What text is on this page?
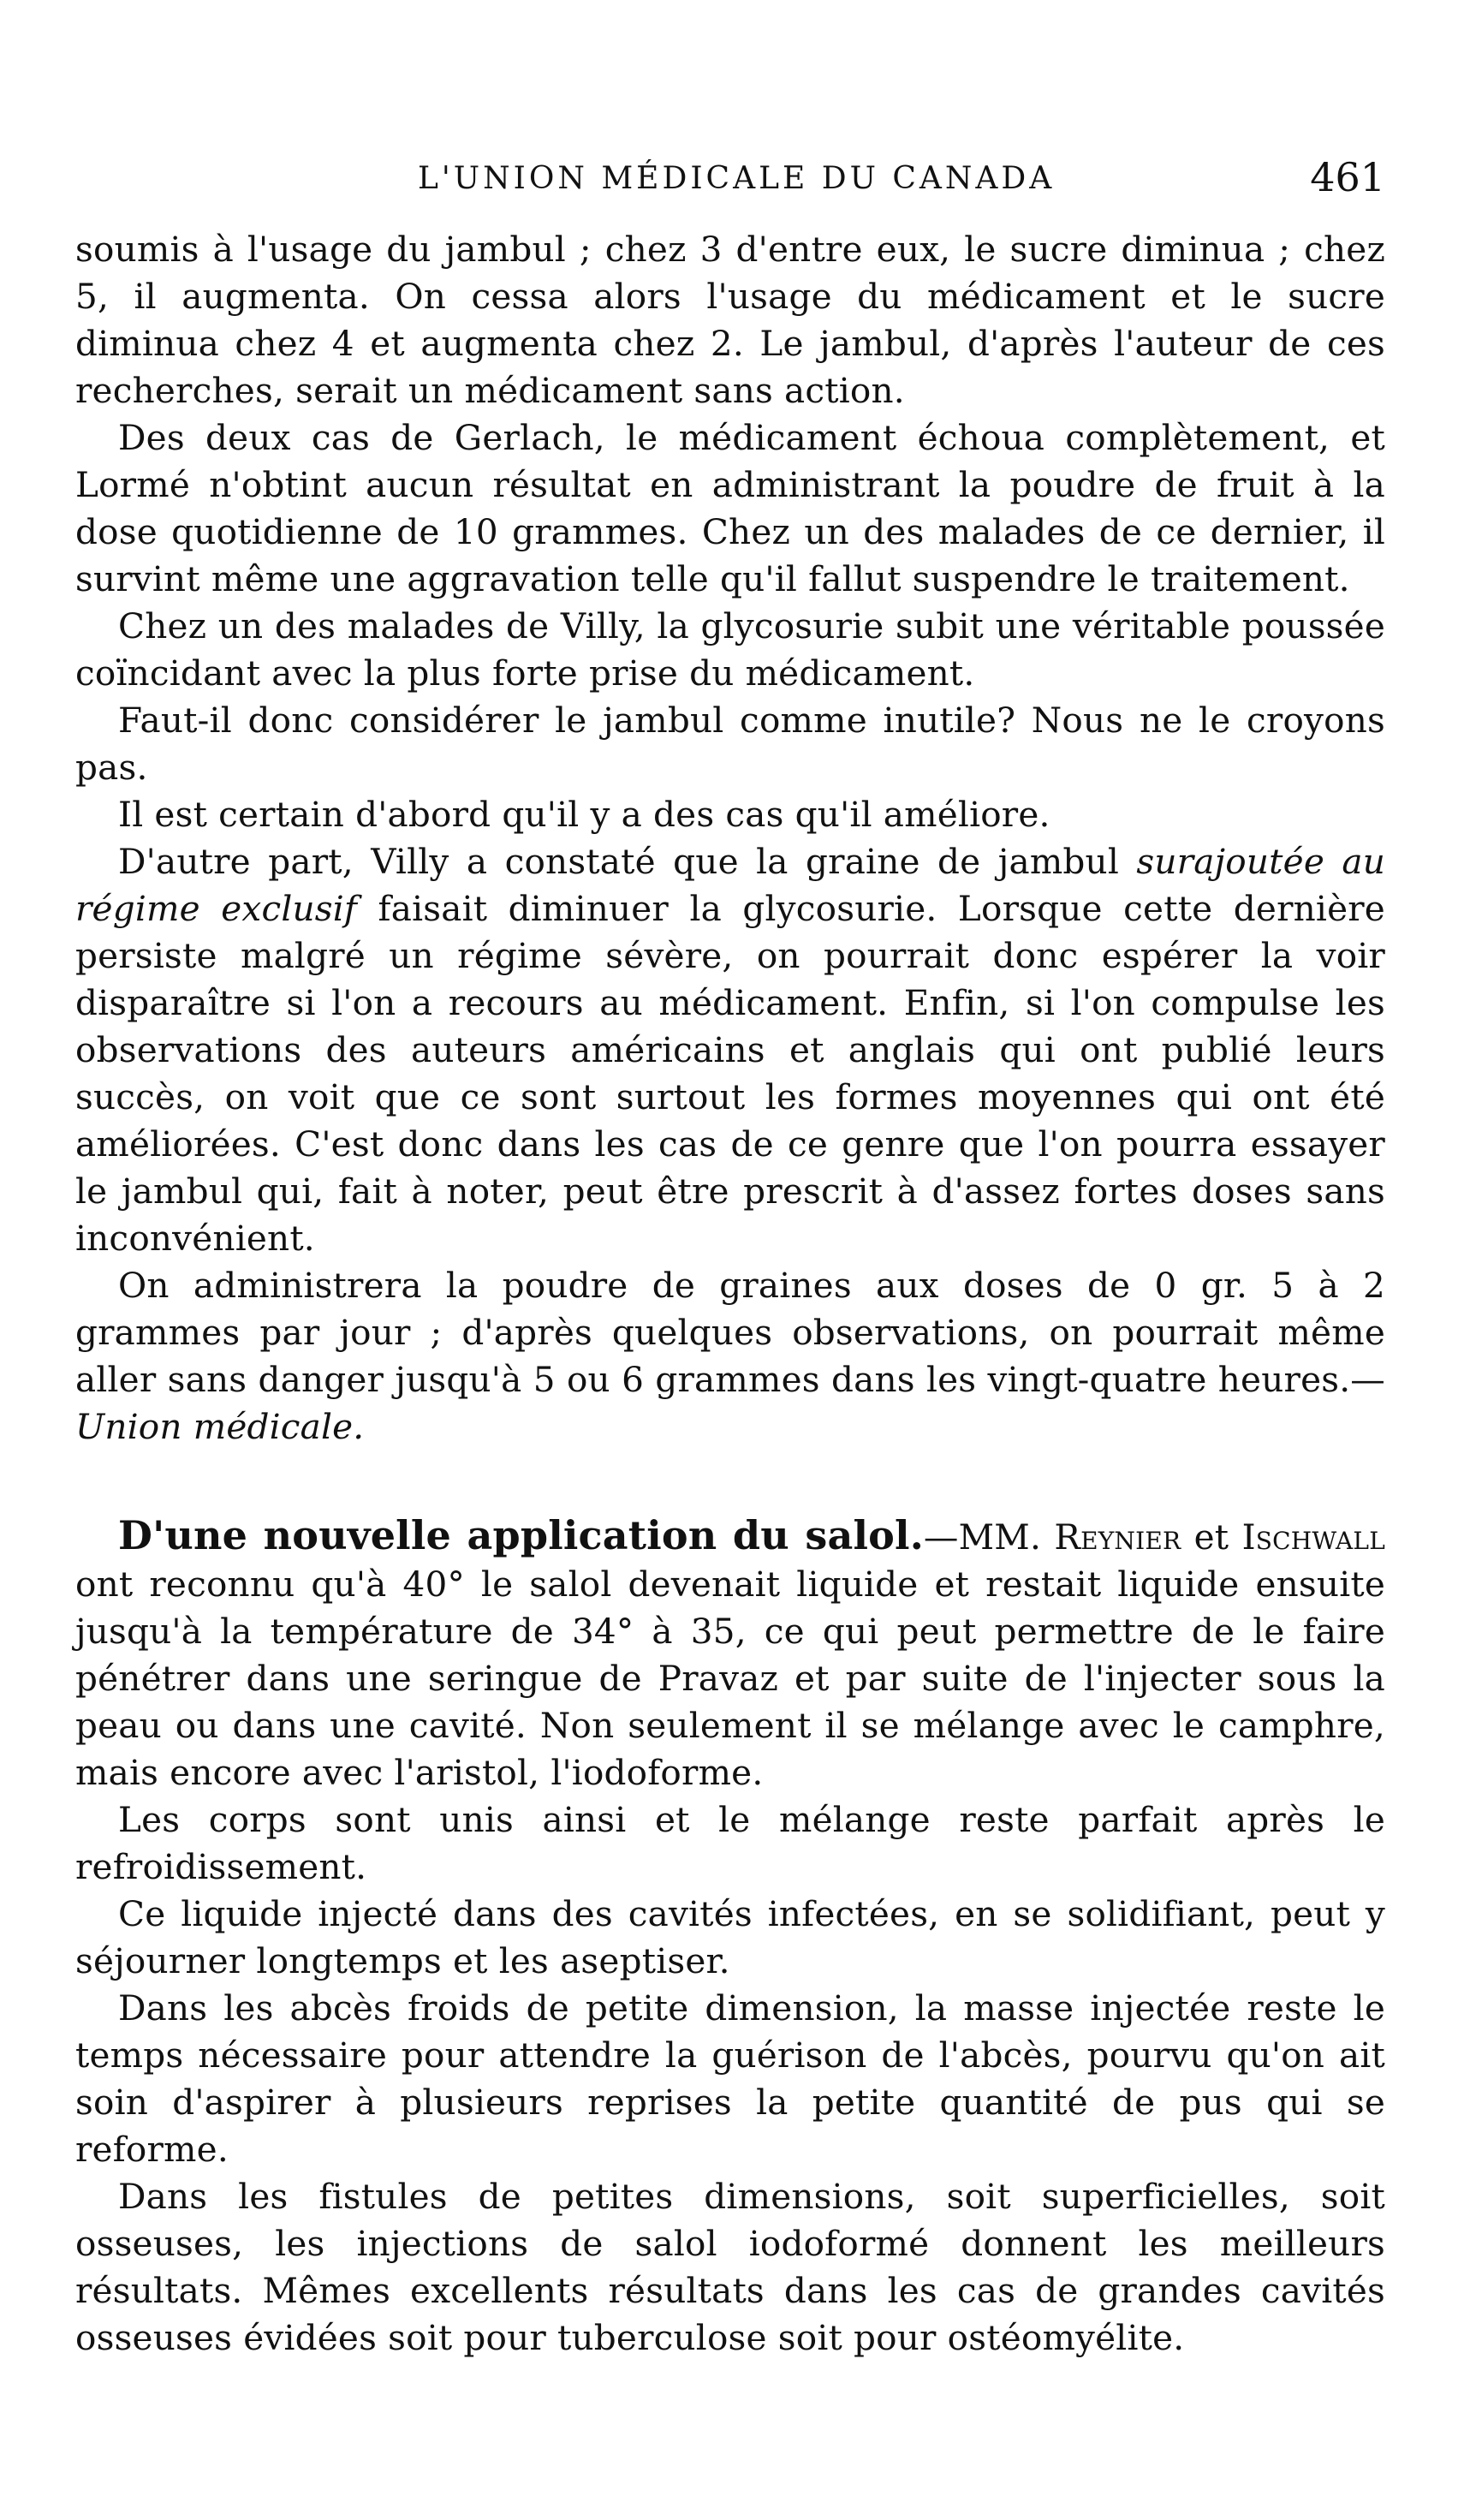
L'UNION MÉDICALE DU CANADA	461

soumis à l'usage du jambul ; chez 3 d'entre eux, le sucre diminua ; chez 5, il augmenta. On cessa alors l'usage du médicament et le sucre diminua chez 4 et augmenta chez 2. Le jambul, d'après l'auteur de ces recherches, serait un médicament sans action.

Des deux cas de Gerlach, le médicament échoua complètement, et Lormé n'obtint aucun résultat en administrant la poudre de fruit à la dose quotidienne de 10 grammes. Chez un des malades de ce dernier, il survint même une aggravation telle qu'il fallut suspendre le traitement.

Chez un des malades de Villy, la glycosurie subit une véritable poussée coïncidant avec la plus forte prise du médicament.

Faut-il donc considérer le jambul comme inutile? Nous ne le croyons pas.

Il est certain d'abord qu'il y a des cas qu'il améliore.

D'autre part, Villy a constaté que la graine de jambul surajoutée au régime exclusif faisait diminuer la glycosurie. Lorsque cette dernière persiste malgré un régime sévère, on pourrait donc espérer la voir disparaître si l'on a recours au médicament. Enfin, si l'on compulse les observations des auteurs américains et anglais qui ont publié leurs succès, on voit que ce sont surtout les formes moyennes qui ont été améliorées. C'est donc dans les cas de ce genre que l'on pourra essayer le jambul qui, fait à noter, peut être prescrit à d'assez fortes doses sans inconvénient.

On administrera la poudre de graines aux doses de 0 gr. 5 à 2 grammes par jour ; d'après quelques observations, on pourrait même aller sans danger jusqu'à 5 ou 6 grammes dans les vingt-quatre heures.— Union médicale.

D'une nouvelle application du salol.—MM. Reynier et Ischwall ont reconnu qu'à 40° le salol devenait liquide et restait liquide ensuite jusqu'à la température de 34° à 35, ce qui peut permettre de le faire pénétrer dans une seringue de Pravaz et par suite de l'injecter sous la peau ou dans une cavité. Non seulement il se mélange avec le camphre, mais encore avec l'aristol, l'iodoforme.

Les corps sont unis ainsi et le mélange reste parfait après le refroidissement.

Ce liquide injecté dans des cavités infectées, en se solidifiant, peut y séjourner longtemps et les aseptiser.

Dans les abcès froids de petite dimension, la masse injectée reste le temps nécessaire pour attendre la guérison de l'abcès, pourvu qu'on ait soin d'aspirer à plusieurs reprises la petite quantité de pus qui se reforme.

Dans les fistules de petites dimensions, soit superficielles, soit osseuses, les injections de salol iodoformé donnent les meilleurs résultats. Mêmes excellents résultats dans les cas de grandes cavités osseuses évidées soit pour tuberculose soit pour ostéomyélite.
